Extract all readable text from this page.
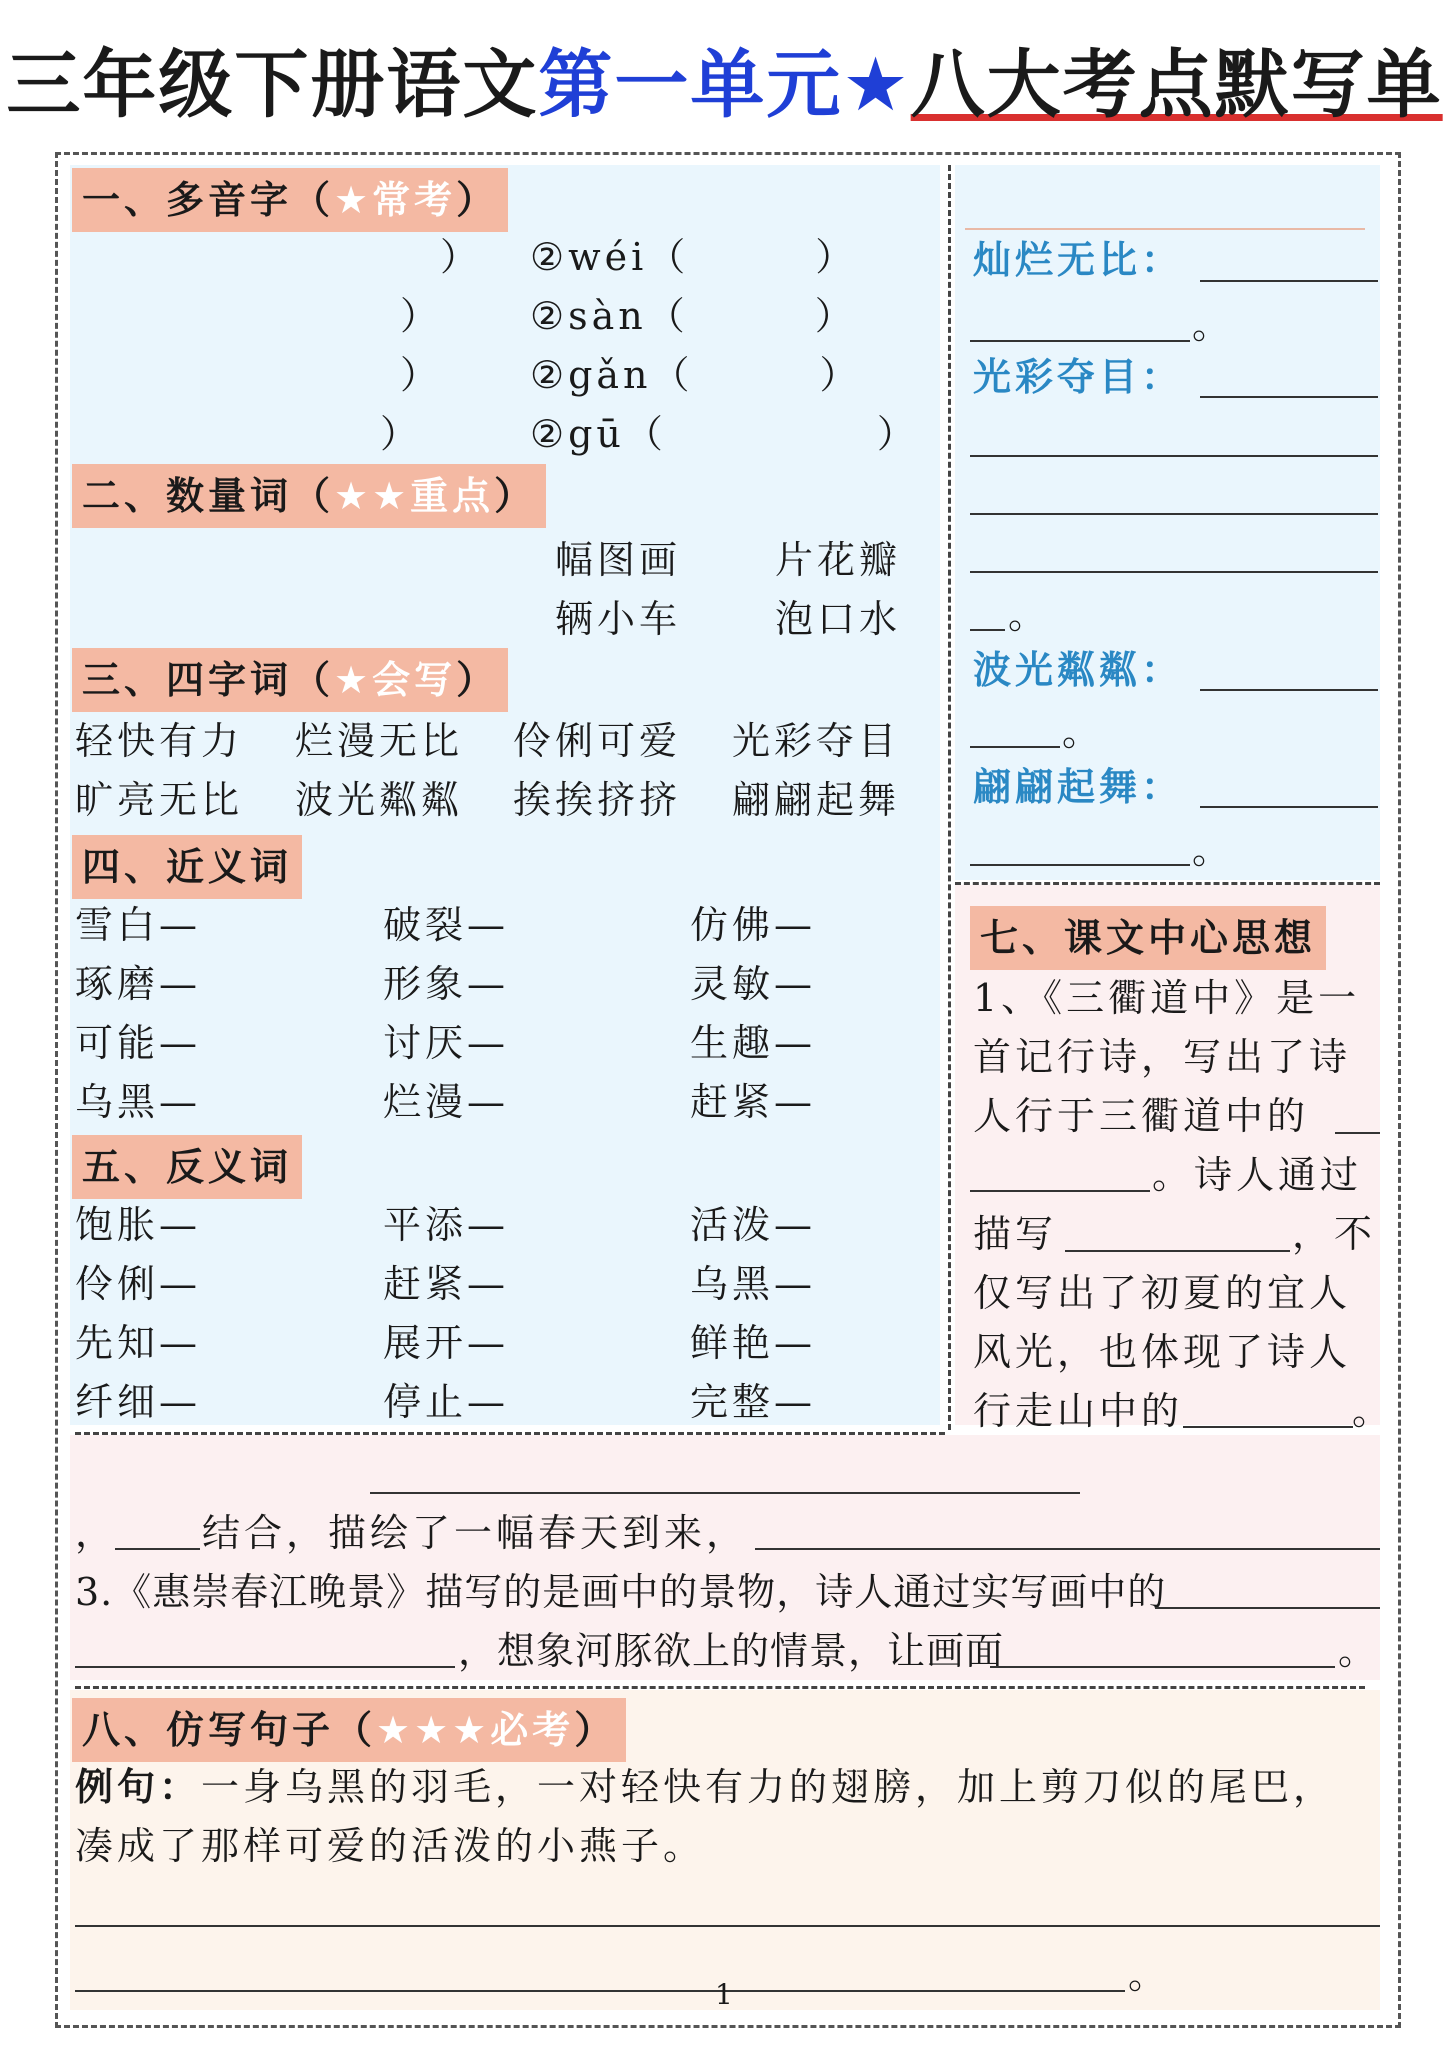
三年级下册语文第一单元★八大考点默写单
一、多音字（★常考）

） ②wéi（　　　）
） ②sàn（　　　）
） ②gǎn（　　　）
）	②gū（　　　　　）
二、数量词（★★重点）
幅图画 片花瓣
辆小车 泡口水
三、四字词（★会写）
轻快有力 烂漫无比 伶俐可爱 光彩夺目
旷亮无比 波光粼粼 挨挨挤挤 翩翩起舞
四、近义词
雪白—	破裂—	仿佛—
琢磨—	形象—	灵敏—
可能—	讨厌—	生趣—
乌黑—	烂漫—	赶紧—
五、反义词
饱胀—	平添—	活泼—
伶俐—	赶紧—	乌黑—
先知—	展开—	鲜艳—
纤细—	停止—	完整—
灿烂无比：
。
光彩夺目：
。
波光粼粼：
。
翩翩起舞：
。
七、课文中心思想
1、《三衢道中》是一
首记行诗，写出了诗
人行于三衢道中的
。诗人通过
描写	，不
仅写出了初夏的宜人
风光，也体现了诗人
行走山中的	。
， 结合，描绘了一幅春天到来，
3.《惠崇春江晚景》描写的是画中的景物，诗人通过实写画中的
，想象河豚欲上的情景，让画面	。
八、仿写句子（★★★必考）
例句：一身乌黑的羽毛，一对轻快有力的翅膀，加上剪刀似的尾巴，
凑成了那样可爱的活泼的小燕子。
。
1
